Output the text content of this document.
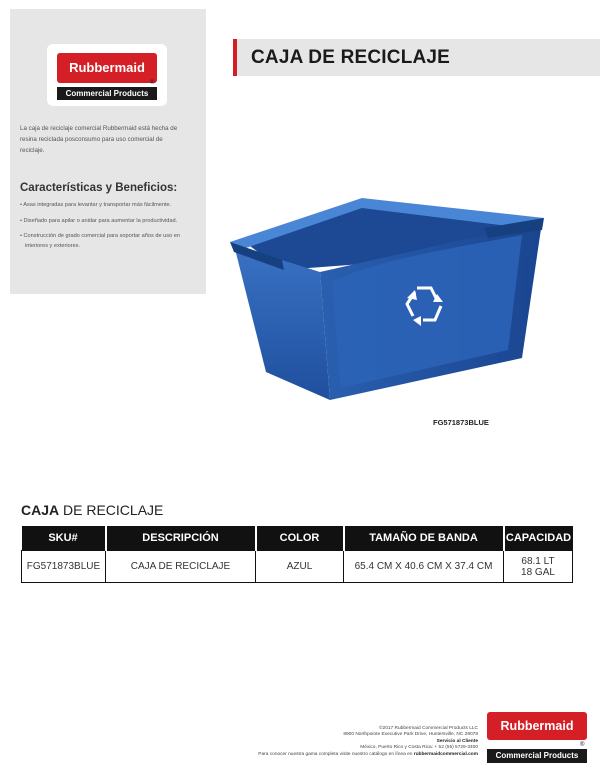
Rubbermaid
®
Commercial Products
La caja de reciclaje comercial Rubbermaid está hecha de resina reciclada posconsumo para uso comercial de reciclaje.
Características y Beneficios:
• Asas integradas para levantar y transportar más fácilmente.
• Diseñado para apilar o anidar para aumentar la productividad.
• Construcción de grado comercial para soportar años de uso en interiores y exteriores.
CAJA DE RECICLAJE
FG571873BLUE
CAJA DE RECICLAJE
SKU#	DESCRIPCIÓN	COLOR	TAMAÑO DE BANDA	CAPACIDAD
FG571873BLUE	CAJA DE RECICLAJE	AZUL	65.4 CM X 40.6 CM X 37.4 CM	68.1 LT
18 GAL
©2017 Rubbermaid Commercial Products LLC
8900 Northpointe Executive Park Drive, Huntersville, NC 28078
Servicio al Cliente
México, Puerto Rico y Costa Rica: + 52 (55) 5729-3400
Para conocer nuestra gama completa visite nuestro catálogo en línea en rubbermaidcommercial.com
Rubbermaid
®
Commercial Products
